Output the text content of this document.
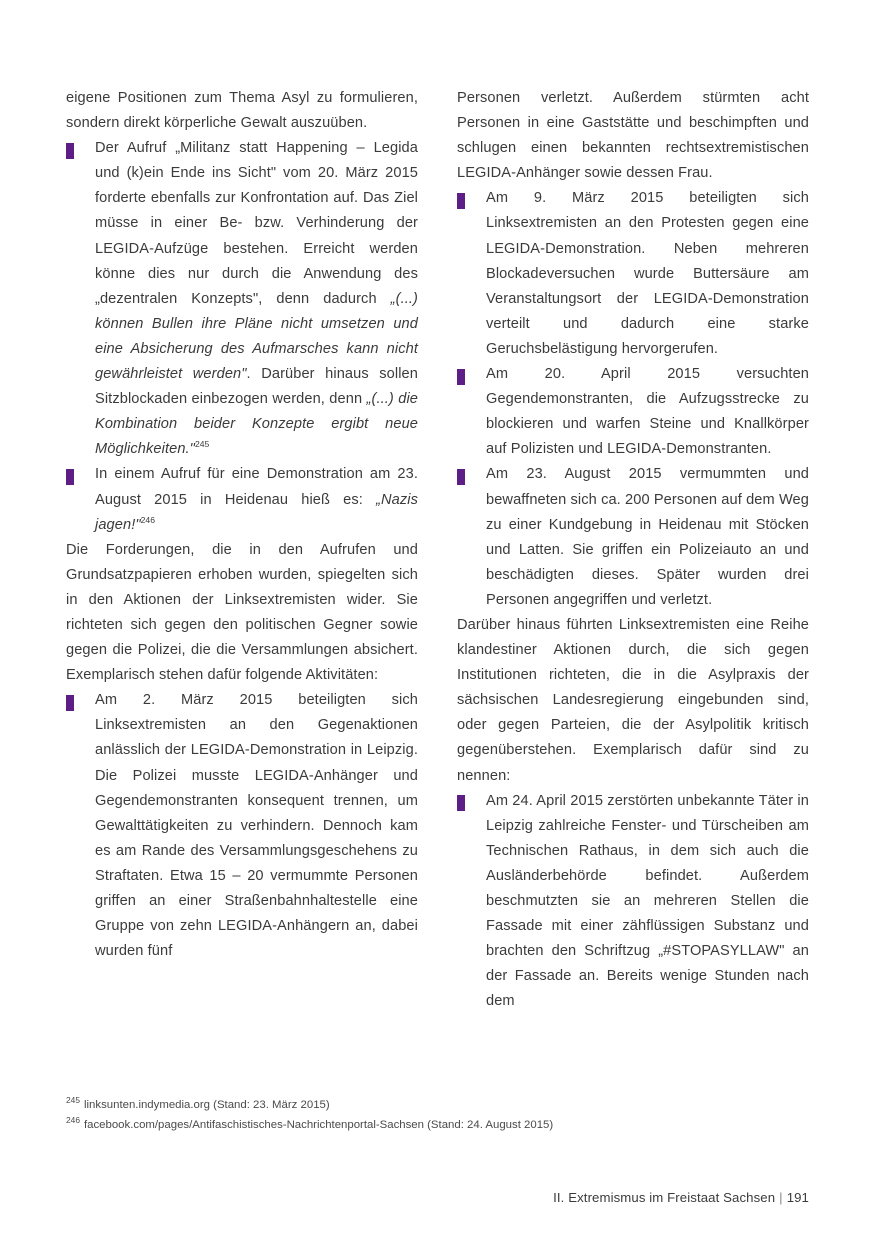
eigene Positionen zum Thema Asyl zu formulieren, sondern direkt körperliche Gewalt auszuüben.

Der Aufruf „Militanz statt Happening – Legida und (k)ein Ende ins Sicht" vom 20. März 2015 forderte ebenfalls zur Konfrontation auf. Das Ziel müsse in einer Be- bzw. Verhinderung der LEGIDA-Aufzüge bestehen. Erreicht werden könne dies nur durch die Anwendung des „dezentralen Konzepts", denn dadurch „(...) können Bullen ihre Pläne nicht umsetzen und eine Absicherung des Aufmarsches kann nicht gewährleistet werden". Darüber hinaus sollen Sitzblockaden einbezogen werden, denn „(...) die Kombination beider Konzepte ergibt neue Möglichkeiten."$^{245}$
In einem Aufruf für eine Demonstration am 23. August 2015 in Heidenau hieß es: „Nazis jagen!"$^{246}$

Die Forderungen, die in den Aufrufen und Grundsatzpapieren erhoben wurden, spiegelten sich in den Aktionen der Linksextremisten wider. Sie richteten sich gegen den politischen Gegner sowie gegen die Polizei, die die Versammlungen absichert. Exemplarisch stehen dafür folgende Aktivitäten:

Am 2. März 2015 beteiligten sich Linksextremisten an den Gegenaktionen anlässlich der LEGIDA-Demonstration in Leipzig. Die Polizei musste LEGIDA-Anhänger und Gegendemonstranten konsequent trennen, um Gewalttätigkeiten zu verhindern. Dennoch kam es am Rande des Versammlungsgeschehens zu Straftaten. Etwa 15 – 20 vermummte Personen griffen an einer Straßenbahnhaltestelle eine Gruppe von zehn LEGIDA-Anhängern an, dabei wurden fünf

Personen verletzt. Außerdem stürmten acht Personen in eine Gaststätte und beschimpften und schlugen einen bekannten rechtsextremistischen LEGIDA-Anhänger sowie dessen Frau.

Am 9. März 2015 beteiligten sich Linksextremisten an den Protesten gegen eine LEGIDA-Demonstration. Neben mehreren Blockadeversuchen wurde Buttersäure am Veranstaltungsort der LEGIDA-Demonstration verteilt und dadurch eine starke Geruchsbelästigung hervorgerufen.
Am 20. April 2015 versuchten Gegendemonstranten, die Aufzugsstrecke zu blockieren und warfen Steine und Knallkörper auf Polizisten und LEGIDA-Demonstranten.
Am 23. August 2015 vermummten und bewaffneten sich ca. 200 Personen auf dem Weg zu einer Kundgebung in Heidenau mit Stöcken und Latten. Sie griffen ein Polizeiauto an und beschädigten dieses. Später wurden drei Personen angegriffen und verletzt.

Darüber hinaus führten Linksextremisten eine Reihe klandestiner Aktionen durch, die sich gegen Institutionen richteten, die in die Asylpraxis der sächsischen Landesregierung eingebunden sind, oder gegen Parteien, die der Asylpolitik kritisch gegenüberstehen. Exemplarisch dafür sind zu nennen:

Am 24. April 2015 zerstörten unbekannte Täter in Leipzig zahlreiche Fenster- und Türscheiben am Technischen Rathaus, in dem sich auch die Ausländerbehörde befindet. Außerdem beschmutzten sie an mehreren Stellen die Fassade mit einer zähflüssigen Substanz und brachten den Schriftzug „#STOPASYLLAW" an der Fassade an. Bereits wenige Stunden nach dem
$^{245}$ linksunten.indymedia.org (Stand: 23. März 2015)
$^{246}$ facebook.com/pages/Antifaschistisches-Nachrichtenportal-Sachsen (Stand: 24. August 2015)
II. Extremismus im Freistaat Sachsen | 191
